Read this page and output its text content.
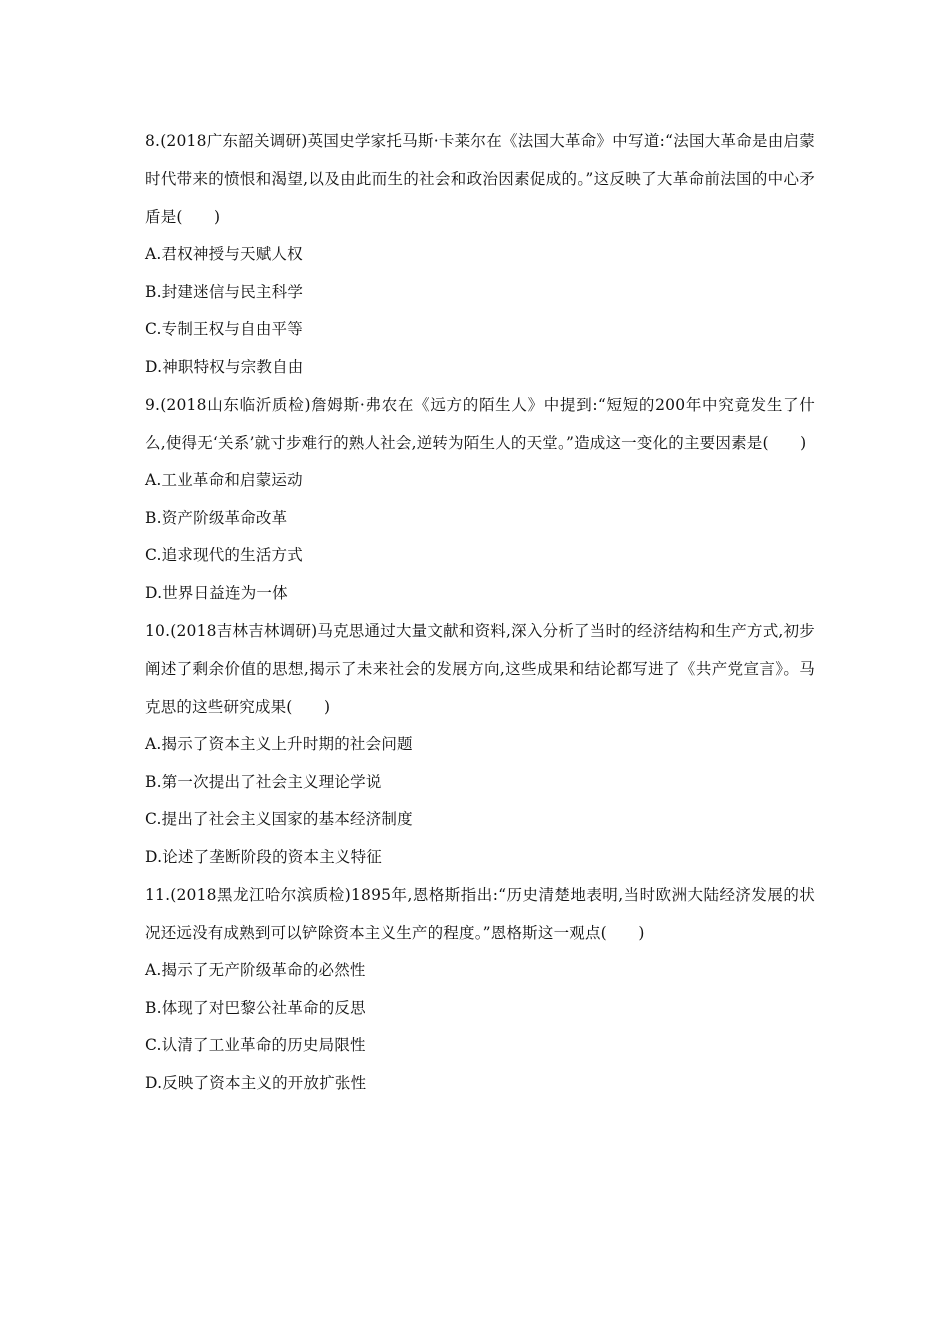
8.(2018广东韶关调研)英国史学家托马斯·卡莱尔在《法国大革命》中写道:“法国大革命是由启蒙时代带来的愤恨和渴望,以及由此而生的社会和政治因素促成的。”这反映了大革命前法国的中心矛盾是(　　)

A.君权神授与天赋人权

B.封建迷信与民主科学

C.专制王权与自由平等

D.神职特权与宗教自由

9.(2018山东临沂质检)詹姆斯·弗农在《远方的陌生人》中提到:“短短的200年中究竟发生了什么,使得无‘关系’就寸步难行的熟人社会,逆转为陌生人的天堂。”造成这一变化的主要因素是(　　)

A.工业革命和启蒙运动

B.资产阶级革命改革

C.追求现代的生活方式

D.世界日益连为一体

10.(2018吉林吉林调研)马克思通过大量文献和资料,深入分析了当时的经济结构和生产方式,初步阐述了剩余价值的思想,揭示了未来社会的发展方向,这些成果和结论都写进了《共产党宣言》。马克思的这些研究成果(　　)

A.揭示了资本主义上升时期的社会问题

B.第一次提出了社会主义理论学说

C.提出了社会主义国家的基本经济制度

D.论述了垄断阶段的资本主义特征

11.(2018黑龙江哈尔滨质检)1895年,恩格斯指出:“历史清楚地表明,当时欧洲大陆经济发展的状况还远没有成熟到可以铲除资本主义生产的程度。”恩格斯这一观点(　　)

A.揭示了无产阶级革命的必然性

B.体现了对巴黎公社革命的反思

C.认清了工业革命的历史局限性

D.反映了资本主义的开放扩张性
